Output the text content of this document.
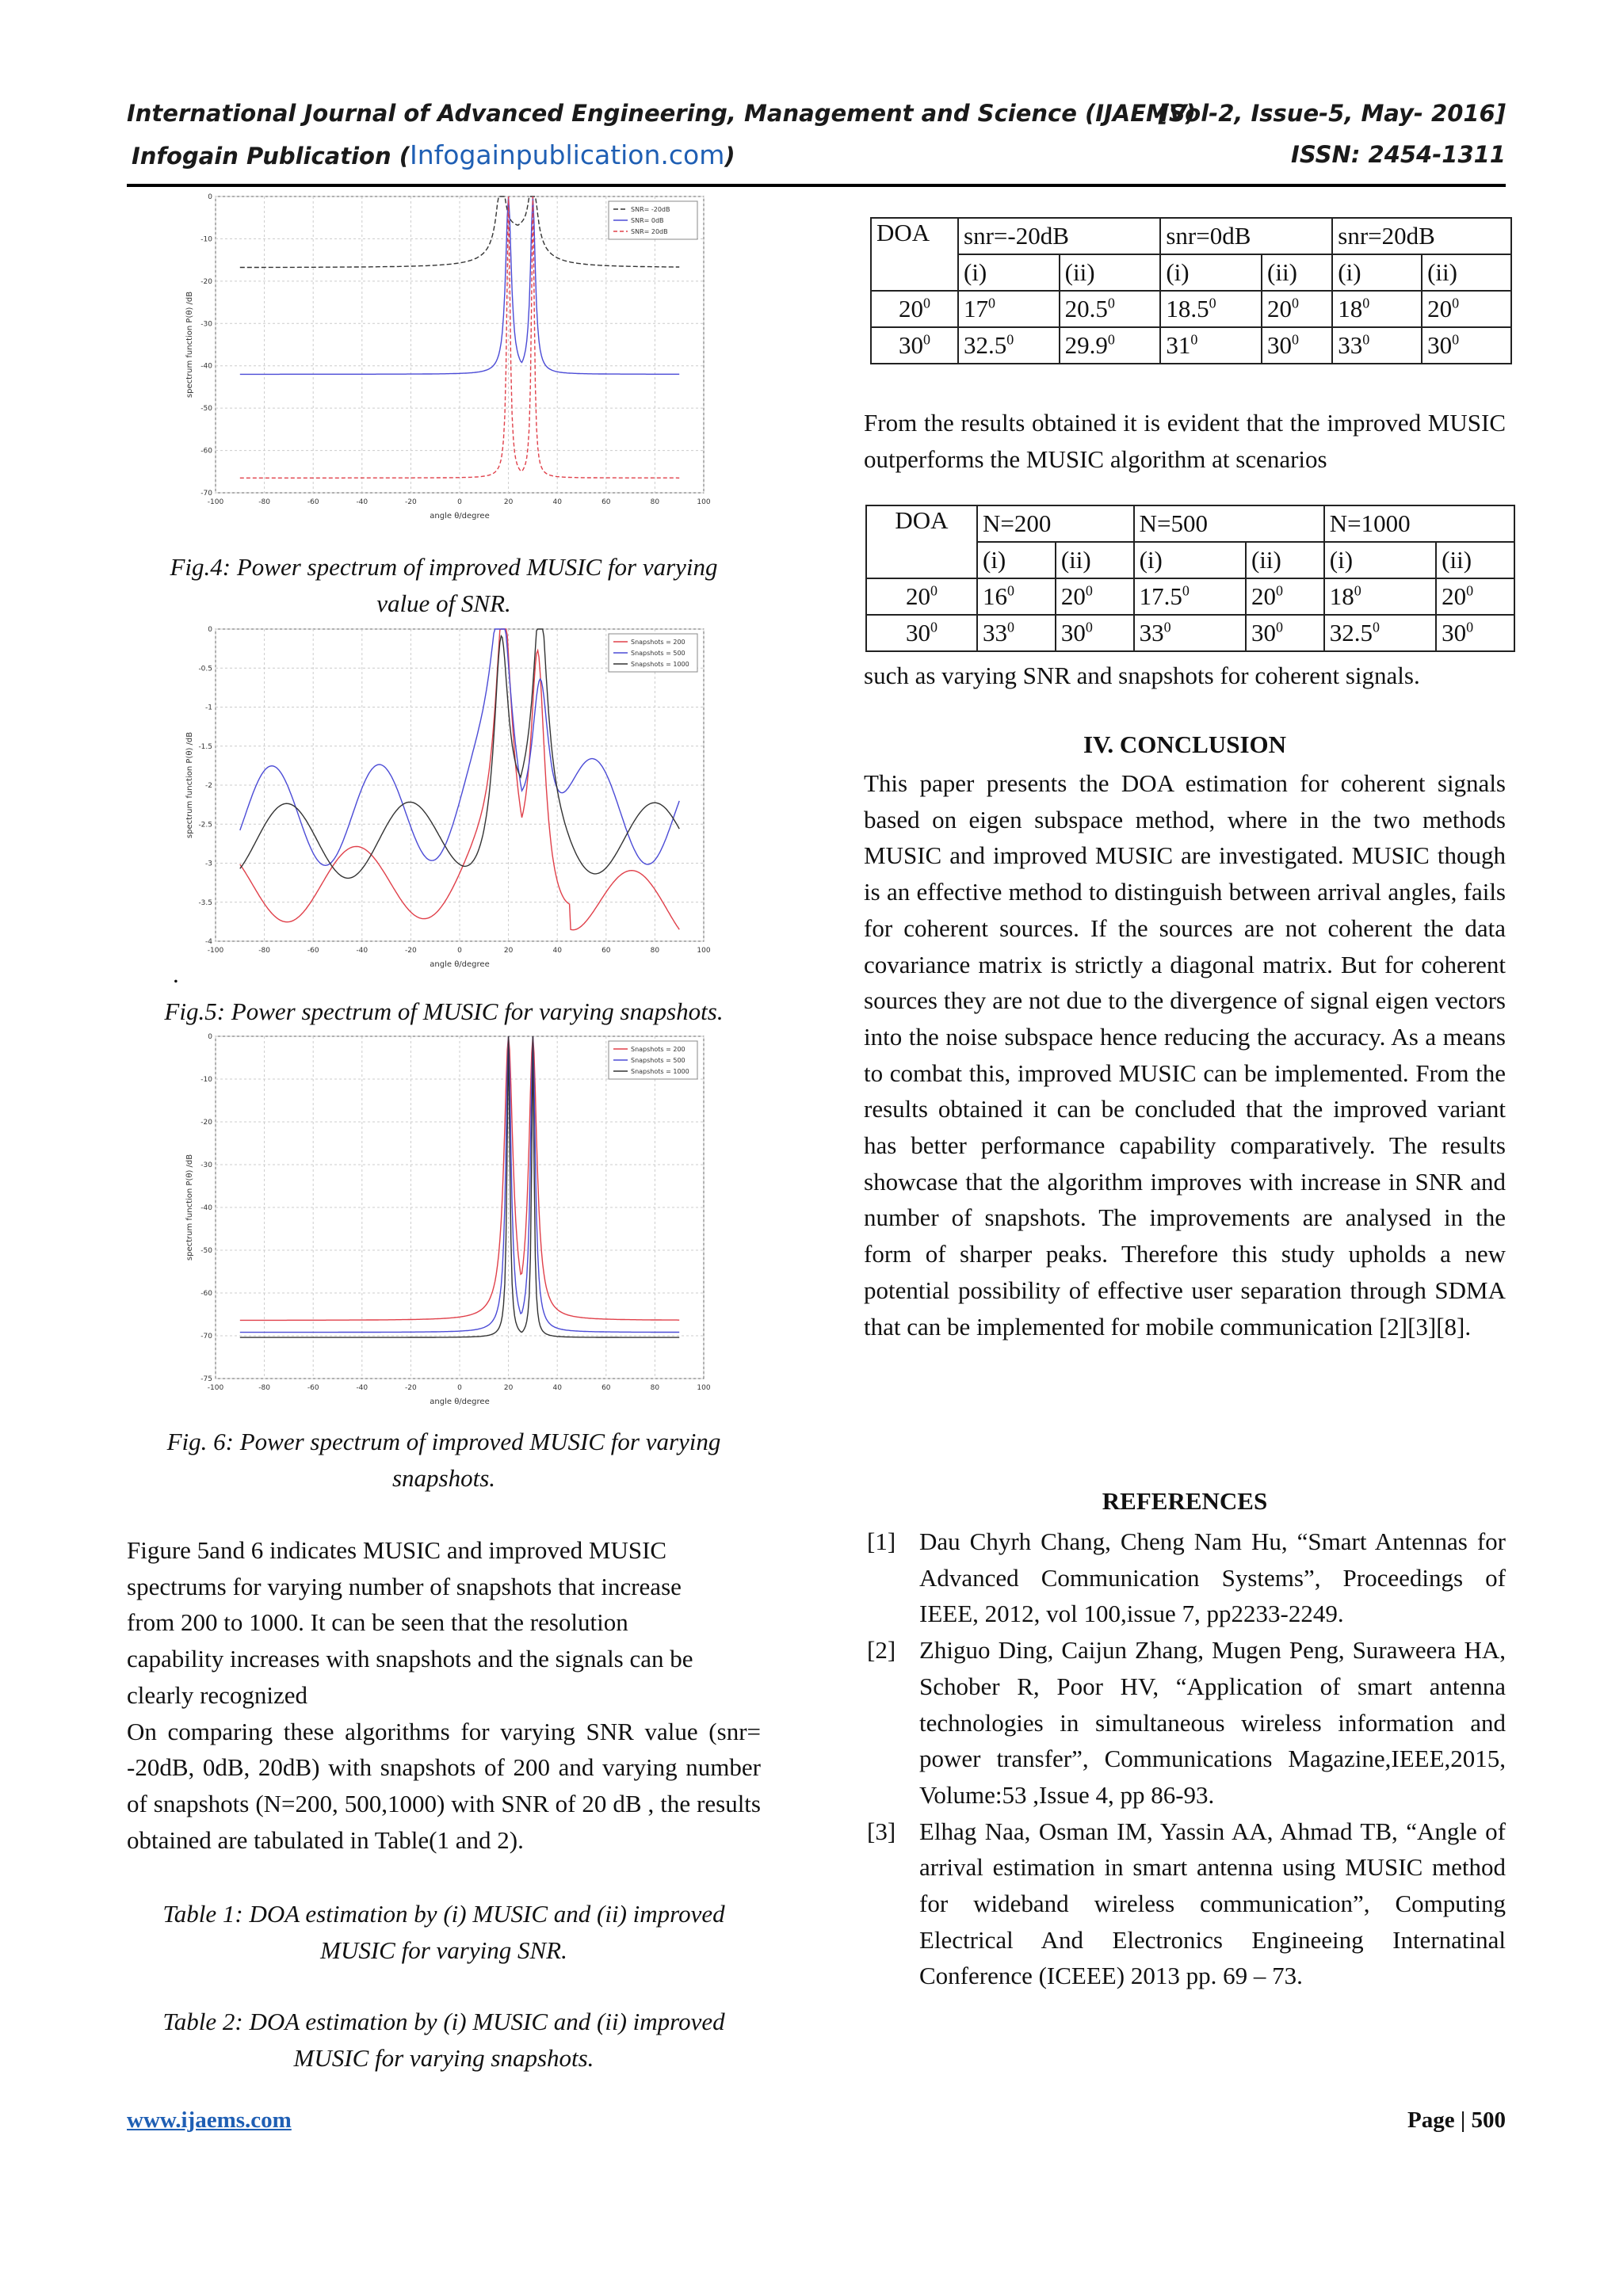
International Journal of Advanced Engineering, Management and Science (IJAEMS)
[Vol-2, Issue-5, May- 2016]
Infogain Publication (Infogainpublication.com)	ISSN: 2454-1311
-100	-80	-60	-40	-20	0	20	40	60	80	100
0
-10
-20
-30
-40
-50
-60
-70
angle θ/degree
spectrum function P(θ) /dB
SNR= -20dB
SNR= 0dB
SNR= 20dB
Fig.4: Power spectrum of improved MUSIC for varying
value of SNR.
-100	-80	-60	-40	-20	0	20	40	60	80	100
0
-0.5
-1
-1.5
-2
-2.5
-3
-3.5
-4
angle θ/degree
spectrum function P(θ) /dB
Snapshots = 200
Snapshots = 500
Snapshots = 1000
.
Fig.5: Power spectrum of MUSIC for varying snapshots.
-100	-80	-60	-40	-20	0	20	40	60	80	100
0
-10
-20
-30
-40
-50
-60
-70
-75
angle θ/degree
spectrum function P(θ) /dB
Snapshots = 200
Snapshots = 500
Snapshots = 1000
Fig. 6: Power spectrum of improved MUSIC for varying
snapshots.

Figure 5and 6 indicates MUSIC and improved MUSIC spectrums for varying number of snapshots that increase from 200 to 1000. It can be seen that the resolution capability increases with snapshots and the signals can be clearly recognized

On comparing these algorithms for varying SNR value (snr= -20dB, 0dB, 20dB) with snapshots of 200 and varying number of snapshots (N=200, 500,1000) with SNR of 20 dB , the results obtained are tabulated in Table(1 and 2).

Table 1: DOA estimation by (i) MUSIC and (ii) improved
MUSIC for varying SNR.
Table 2: DOA estimation by (i) MUSIC and (ii) improved
MUSIC for varying snapshots.
DOA	snr=-20dB		snr=0dB		snr=20dB	
	(i)	(ii)	(i)	(ii)	(i)	(ii)
$20^0$	$17^0$	20.5$^0$	18.5$^0$	$20^0$	$18^0$	$20^0$
$30^0$	32.5$^0$	29.9$^0$	$31^0$	$30^0$	$33^0$	$30^0$
From the results obtained it is evident that the improved MUSIC outperforms the MUSIC algorithm at scenarios
DOA	N=200		N=500		N=1000	
	(i)	(ii)	(i)	(ii)	(i)	(ii)
$20^0$	$16^0$	$20^0$	17.5$^0$	$20^0$	$18^0$	$20^0$
$30^0$	$33^0$	$30^0$	$33^0$	$30^0$	32.5$^0$	$30^0$
such as varying SNR and snapshots for coherent signals.
IV. CONCLUSION
This paper presents the DOA estimation for coherent signals based on eigen subspace method, where in the two methods MUSIC and improved MUSIC are investigated. MUSIC though is an effective method to distinguish between arrival angles, fails for coherent sources. If the sources are not coherent the data covariance matrix is strictly a diagonal matrix. But for coherent sources they are not due to the divergence of signal eigen vectors into the noise subspace hence reducing the accuracy. As a means to combat this, improved MUSIC can be implemented. From the results obtained it can be concluded that the improved variant has better performance capability comparatively. The results showcase that the algorithm improves with increase in SNR and number of snapshots. The improvements are analysed in the form of sharper peaks. Therefore this study upholds a new potential possibility of effective user separation through SDMA that can be implemented for mobile communication [2][3][8].
REFERENCES
[1] Dau Chyrh Chang, Cheng Nam Hu, “Smart Antennas for Advanced Communication Systems”, Proceedings of IEEE, 2012, vol 100,issue 7, pp2233-2249.
[2] Zhiguo Ding, Caijun Zhang, Mugen Peng, Suraweera HA, Schober R, Poor HV, “Application of smart antenna technologies in simultaneous wireless information and power transfer”, Communications Magazine,IEEE,2015, Volume:53 ,Issue 4, pp 86-93.
[3] Elhag Naa, Osman IM, Yassin AA, Ahmad TB, “Angle of arrival estimation in smart antenna using MUSIC method for wideband wireless communication”, Computing Electrical And Electronics Engineeing Internatinal Conference (ICEEE) 2013 pp. 69 – 73.
www.ijaems.com	Page | 500
